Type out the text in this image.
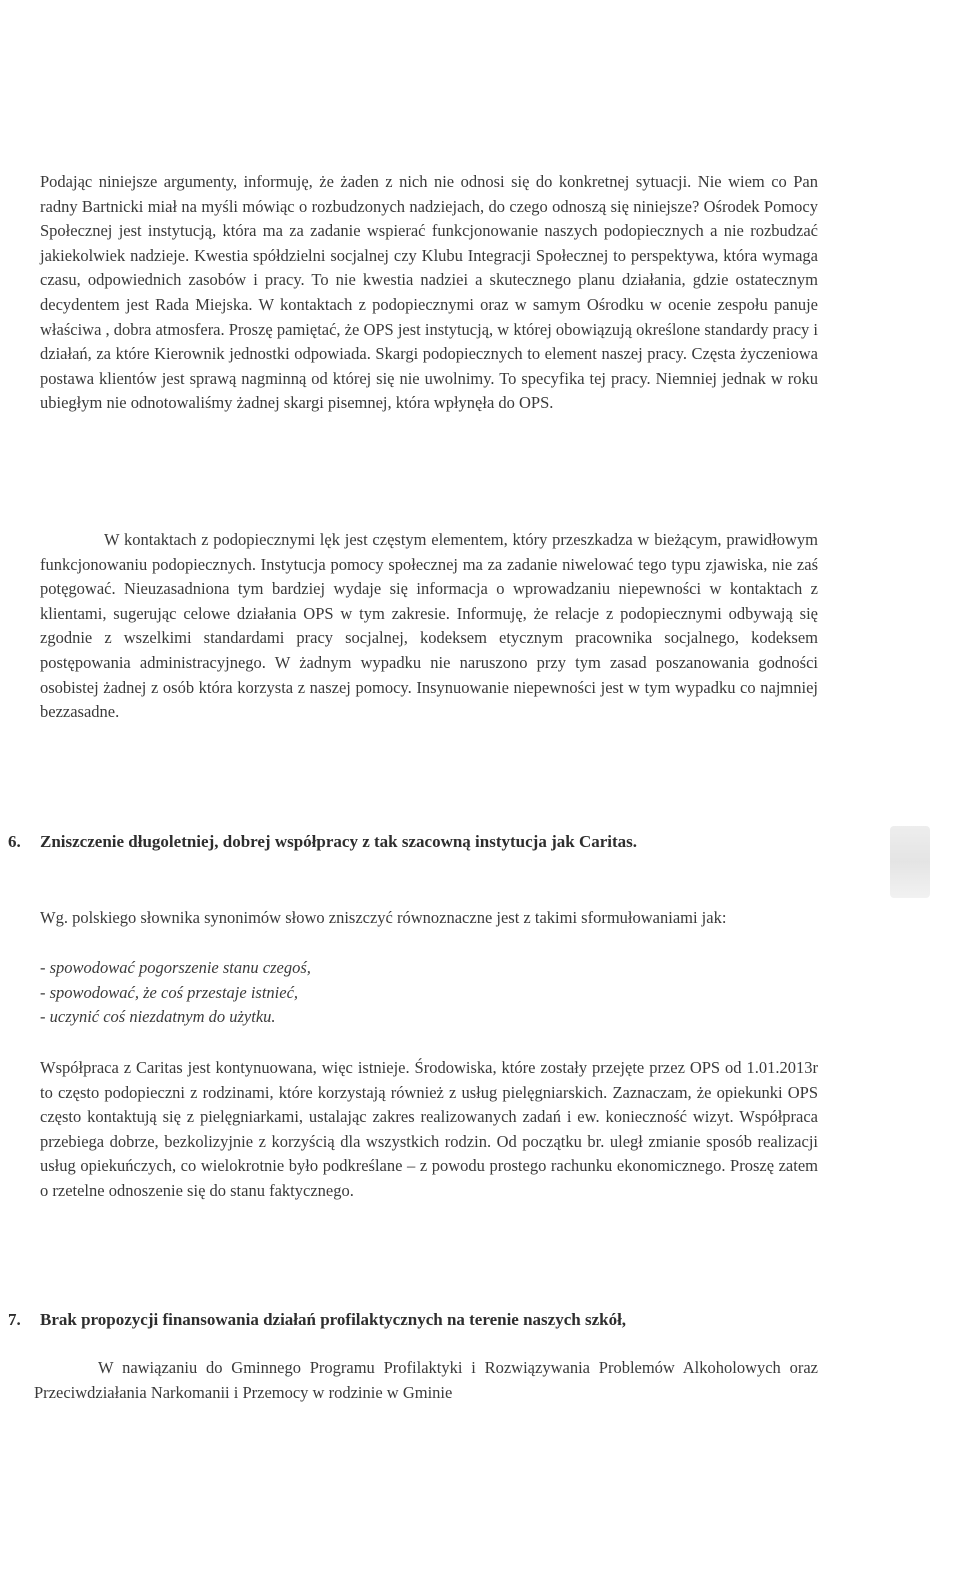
Podając niniejsze argumenty, informuję, że żaden z nich nie odnosi się do konkretnej sytuacji. Nie wiem co Pan radny Bartnicki miał na myśli mówiąc o rozbudzonych nadziejach, do czego odnoszą się niniejsze? Ośrodek Pomocy Społecznej jest instytucją, która ma za zadanie wspierać funkcjonowanie naszych podopiecznych a nie rozbudzać jakiekolwiek nadzieje. Kwestia spółdzielni socjalnej czy Klubu Integracji Społecznej to perspektywa, która wymaga czasu, odpowiednich zasobów i pracy. To nie kwestia nadziei a skutecznego planu działania, gdzie ostatecznym decydentem jest Rada Miejska. W kontaktach z podopiecznymi oraz w samym Ośrodku w ocenie zespołu panuje właściwa , dobra atmosfera. Proszę pamiętać, że OPS jest instytucją, w której obowiązują określone standardy pracy i działań, za które Kierownik jednostki odpowiada. Skargi podopiecznych to element naszej pracy. Częsta życzeniowa postawa klientów jest sprawą nagminną od której się nie uwolnimy. To specyfika tej pracy. Niemniej jednak w roku ubiegłym nie odnotowaliśmy żadnej skargi pisemnej, która wpłynęła do OPS.

W kontaktach z podopiecznymi lęk jest częstym elementem, który przeszkadza w bieżącym, prawidłowym funkcjonowaniu podopiecznych. Instytucja pomocy społecznej ma za zadanie niwelować tego typu zjawiska, nie zaś potęgować. Nieuzasadniona tym bardziej wydaje się informacja o wprowadzaniu niepewności w kontaktach z klientami, sugerując celowe działania OPS w tym zakresie. Informuję, że relacje z podopiecznymi odbywają się zgodnie z wszelkimi standardami pracy socjalnej, kodeksem etycznym pracownika socjalnego, kodeksem postępowania administracyjnego. W żadnym wypadku nie naruszono przy tym zasad poszanowania godności osobistej żadnej z osób która korzysta z naszej pomocy. Insynuowanie niepewności jest w tym wypadku co najmniej bezzasadne.

6. Zniszczenie długoletniej, dobrej współpracy z tak szacowną instytucja jak Caritas.

Wg. polskiego słownika synonimów słowo zniszczyć równoznaczne jest z takimi sformułowaniami jak:

- spowodować pogorszenie stanu czegoś,
- spowodować, że coś przestaje istnieć,
- uczynić coś niezdatnym do użytku.

Współpraca z Caritas jest kontynuowana, więc istnieje. Środowiska, które zostały przejęte przez OPS od 1.01.2013r to często podopieczni z rodzinami, które korzystają również z usług pielęgniarskich. Zaznaczam, że opiekunki OPS często kontaktują się z pielęgniarkami, ustalając zakres realizowanych zadań i ew. konieczność wizyt. Współpraca przebiega dobrze, bezkolizyjnie z korzyścią dla wszystkich rodzin. Od początku br. uległ zmianie sposób realizacji usług opiekuńczych, co wielokrotnie było podkreślane – z powodu prostego rachunku ekonomicznego. Proszę zatem o rzetelne odnoszenie się do stanu faktycznego.

7. Brak propozycji finansowania działań profilaktycznych na terenie naszych szkół,

W nawiązaniu do Gminnego Programu Profilaktyki i Rozwiązywania Problemów Alkoholowych oraz Przeciwdziałania Narkomanii i Przemocy w rodzinie w Gminie
